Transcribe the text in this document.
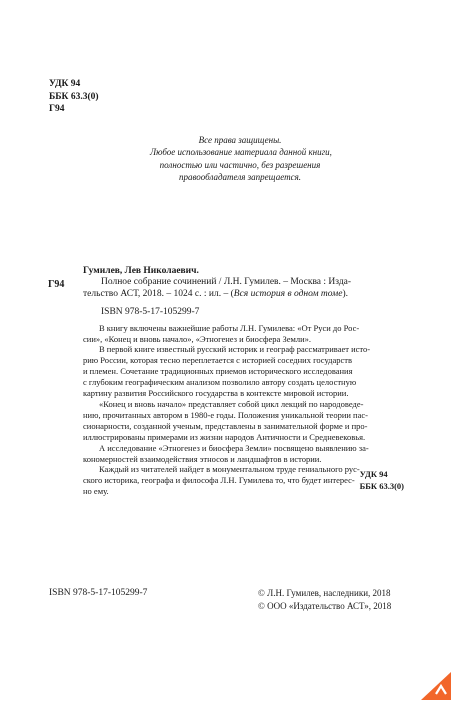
УДК 94
ББК 63.3(0)
Г94
Все права защищены.
Любое использование материала данной книги,
полностью или частично, без разрешения
правообладателя запрещается.
Г94

Гумилев, Лев Николаевич.

Полное собрание сочинений / Л.Н. Гумилев. – Москва : Изда-

тельство АСТ, 2018. – 1024 с. : ил. – (Вся история в одном томе).

ISBN 978-5-17-105299-7

В книгу включены важнейшие работы Л.Н. Гумилева: «От Руси до Рос-

сии», «Конец и вновь начало», «Этногенез и биосфера Земли».

В первой книге известный русский историк и географ рассматривает исто-

рию России, которая тесно переплетается с историей соседних государств

и племен. Сочетание традиционных приемов исторического исследования

с глубоким географическим анализом позволило автору создать целостную

картину развития Российского государства в контексте мировой истории.

«Конец и вновь начало» представляет собой цикл лекций по народоведе-

нию, прочитанных автором в 1980-е годы. Положения уникальной теории пас-

сионарности, созданной ученым, представлены в занимательной форме и про-

иллюстрированы примерами из жизни народов Античности и Средневековья.

А исследование «Этногенез и биосфера Земли» посвящено выявлению за-

кономерностей взаимодействия этносов и ландшафтов в истории.

Каждый из читателей найдет в монументальном труде гениального рус-

ского историка, географа и философа Л.Н. Гумилева то, что будет интерес-

но ему.

УДК 94
ББК 63.3(0)
ISBN 978-5-17-105299-7	© Л.Н. Гумилев, наследники, 2018
© ООО «Издательство АСТ», 2018
